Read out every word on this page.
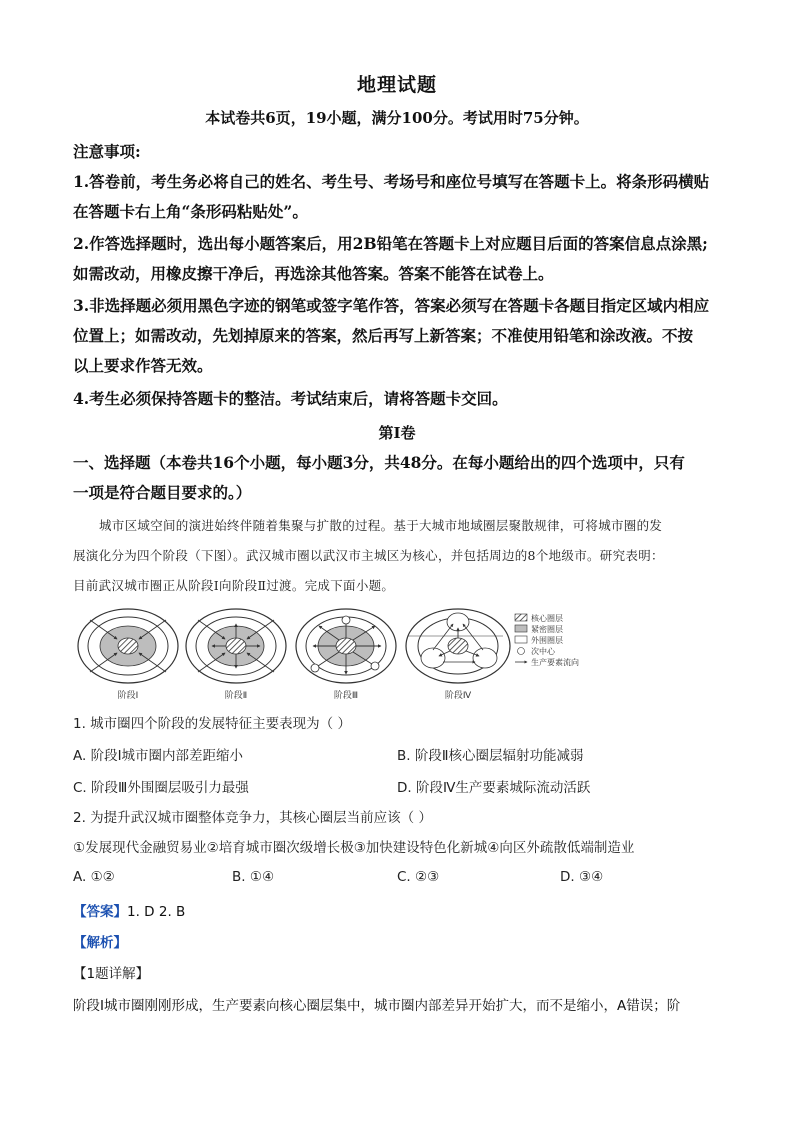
地理试题
本试卷共6页，19小题，满分100分。考试用时75分钟。
注意事项:
1.答卷前，考生务必将自己的姓名、考生号、考场号和座位号填写在答题卡上。将条形码横贴
在答题卡右上角“条形码粘贴处”。
2.作答选择题时，选出每小题答案后，用2B铅笔在答题卡上对应题目后面的答案信息点涂黑;
如需改动，用橡皮擦干净后，再选涂其他答案。答案不能答在试卷上。
3.非选择题必须用黑色字迹的钢笔或签字笔作答，答案必须写在答题卡各题目指定区域内相应
位置上；如需改动，先划掉原来的答案，然后再写上新答案；不准使用铅笔和涂改液。不按
以上要求作答无效。
4.考生必须保持答题卡的整洁。考试结束后，请将答题卡交回。
第Ⅰ卷
一、选择题（本卷共16个小题，每小题3分，共48分。在每小题给出的四个选项中，只有
一项是符合题目要求的。）
城市区域空间的演进始终伴随着集聚与扩散的过程。基于大城市地域圈层聚散规律，可将城市圈的发
展演化分为四个阶段（下图）。武汉城市圈以武汉市主城区为核心，并包括周边的8个地级市。研究表明：
目前武汉城市圈正从阶段Ⅰ向阶段Ⅱ过渡。完成下面小题。
阶段Ⅰ	阶段Ⅱ	阶段Ⅲ	阶段Ⅳ
核心圈层
紧密圈层
外围圈层
次中心
生产要素流向
1. 城市圈四个阶段的发展特征主要表现为（ ）
A. 阶段Ⅰ城市圈内部差距缩小	B. 阶段Ⅱ核心圈层辐射功能减弱
C. 阶段Ⅲ外围圈层吸引力最强	D. 阶段Ⅳ生产要素城际流动活跃
2. 为提升武汉城市圈整体竞争力，其核心圈层当前应该（ ）
①发展现代金融贸易业②培育城市圈次级增长极③加快建设特色化新城④向区外疏散低端制造业
A. ①②	B. ①④	C. ②③	D. ③④
【答案】1. D 2. B
【解析】
【1题详解】
阶段Ⅰ城市圈刚刚形成，生产要素向核心圈层集中，城市圈内部差异开始扩大，而不是缩小，A错误；阶
